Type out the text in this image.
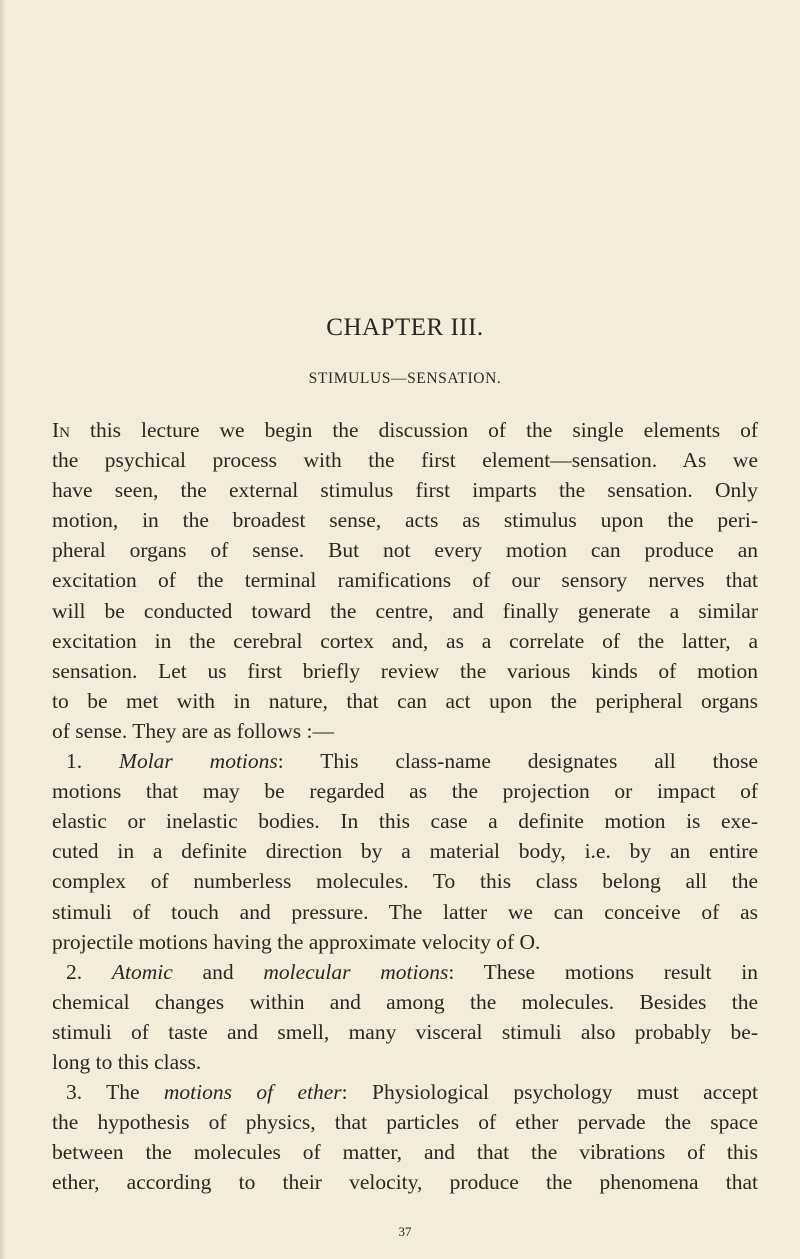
CHAPTER III.
STIMULUS—SENSATION.
In this lecture we begin the discussion of the single elements of
the psychical process with the first element—sensation. As we
have seen, the external stimulus first imparts the sensation. Only
motion, in the broadest sense, acts as stimulus upon the peri-
pheral organs of sense. But not every motion can produce an
excitation of the terminal ramifications of our sensory nerves that
will be conducted toward the centre, and finally generate a similar
excitation in the cerebral cortex and, as a correlate of the latter, a
sensation. Let us first briefly review the various kinds of motion
to be met with in nature, that can act upon the peripheral organs
of sense. They are as follows :—
1. Molar motions: This class-name designates all those
motions that may be regarded as the projection or impact of
elastic or inelastic bodies. In this case a definite motion is exe-
cuted in a definite direction by a material body, i.e. by an entire
complex of numberless molecules. To this class belong all the
stimuli of touch and pressure. The latter we can conceive of as
projectile motions having the approximate velocity of O.
2. Atomic and molecular motions: These motions result in
chemical changes within and among the molecules. Besides the
stimuli of taste and smell, many visceral stimuli also probably be-
long to this class.
3. The motions of ether: Physiological psychology must accept
the hypothesis of physics, that particles of ether pervade the space
between the molecules of matter, and that the vibrations of this
ether, according to their velocity, produce the phenomena that
37
